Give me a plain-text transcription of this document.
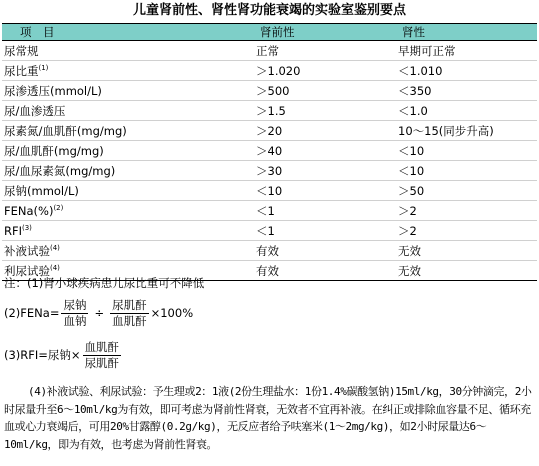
儿童肾前性、肾性肾功能衰竭的实验室鉴别要点
项　目	肾前性	肾性
尿常规	正常	早期可正常
尿比重$^{(1)}$	＞1.020	＜1.010
尿渗透压(mmol/L)	＞500	＜350
尿/血渗透压	＞1.5	＜1.0
尿素氮/血肌酐(mg/mg)	＞20	10～15(同步升高)
尿/血肌酐(mg/mg)	＞40	＜10
尿/血尿素氮(mg/mg)	＞30	＜10
尿钠(mmol/L)	＜10	＞50
FENa(%)$^{(2)}$	＜1	＞2
$RFI^{(3)}$	＜1	＞2
补液试验$^{(4)}$	有效	无效
利尿试验$^{(4)}$	有效	无效
注：(1)肾小球疾病患儿尿比重可不降低
(2)FENa= $\frac{\text{尿钠}}{\text{血钠}} \div \frac{\text{尿肌酐}}{\text{血肌酐}} \times 100\%$
(3)RFI=尿钠× $\frac{\text{血肌酐}}{\text{尿肌酐}}$
(4)补液试验、利尿试验：予生理或2：1液(2份生理盐水：1份1.4%碳酸氢钠)15ml/kg，30分钟滴完，2小时尿量升至6～10ml/kg为有效，即可考虑为肾前性肾衰，无效者不宜再补液。在纠正或排除血容量不足、循环充血或心力衰竭后，可用20%甘露醇(0.2g/kg)，无反应者给予呋塞米(1～2mg/kg)，如2小时尿量达6～10ml/kg，即为有效，也考虑为肾前性肾衰。
